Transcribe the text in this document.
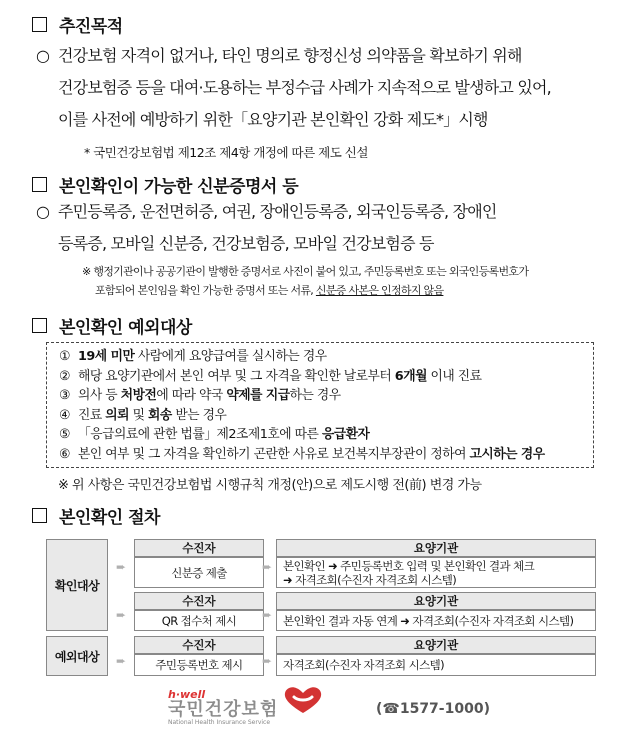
추진목적
○ 건강보험 자격이 없거나, 타인 명의로 향정신성 의약품을 확보하기 위해
건강보험증 등을 대여·도용하는 부정수급 사례가 지속적으로 발생하고 있어,
이를 사전에 예방하기 위한「요양기관 본인확인 강화 제도*」시행
* 국민건강보험법 제12조 제4항 개정에 따른 제도 신설
본인확인이 가능한 신분증명서 등
○ 주민등록증, 운전면허증, 여권, 장애인등록증, 외국인등록증, 장애인
등록증, 모바일 신분증, 건강보험증, 모바일 건강보험증 등
※ 행정기관이나 공공기관이 발행한 증명서로 사진이 붙어 있고, 주민등록번호 또는 외국인등록번호가
포함되어 본인임을 확인 가능한 증명서 또는 서류, 신분증 사본은 인정하지 않음
본인확인 예외대상
① 19세 미만 사람에게 요양급여를 실시하는 경우
② 해당 요양기관에서 본인 여부 및 그 자격을 확인한 날로부터 6개월 이내 진료
③ 의사 등 처방전에 따라 약국 약제를 지급하는 경우
④ 진료 의뢰 및 회송 받는 경우
⑤ 「응급의료에 관한 법률」제2조제1호에 따른 응급환자
⑥ 본인 여부 및 그 자격을 확인하기 곤란한 사유로 보건복지부장관이 정하여 고시하는 경우
※ 위 사항은 국민건강보험법 시행규칙 개정(안)으로 제도시행 전(前) 변경 가능
본인확인 절차
확인대상
수진자	요양기관
➨	신분증 제출	➨ 본인확인 ➜ 주민등록번호 입력 및 본인확인 결과 체크
➜ 자격조회(수진자 자격조회 시스템)
수진자	요양기관
➨	QR 접수처 제시	➨ 본인확인 결과 자동 연계 ➜ 자격조회(수진자 자격조회 시스템)
예외대상
수진자	요양기관
➨	주민등록번호 제시	➨ 자격조회(수진자 자격조회 시스템)
h·well
국민건강보험
National Health Insurance Service
(☎1577-1000)
